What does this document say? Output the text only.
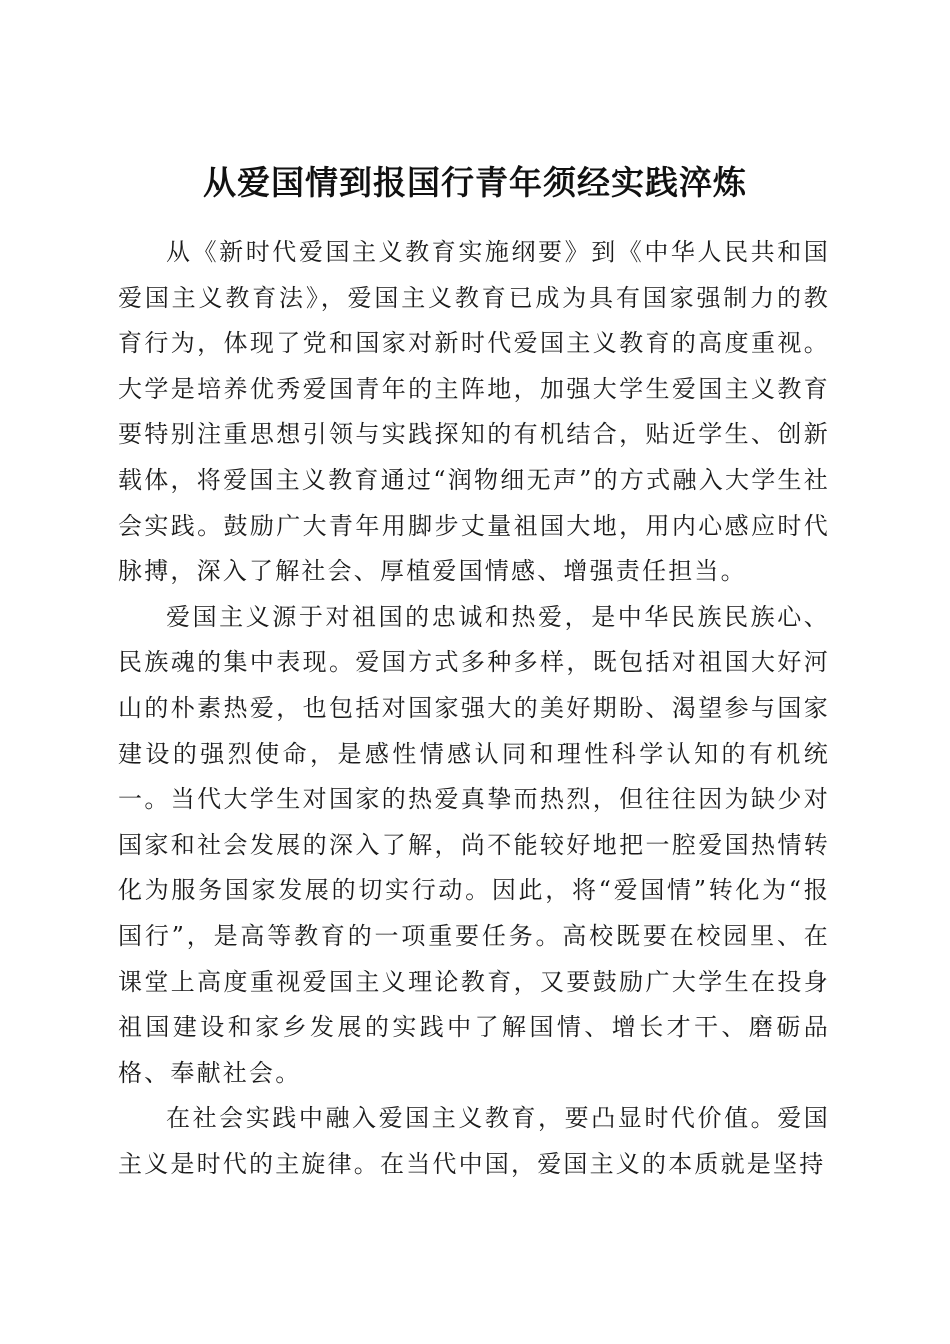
从爱国情到报国行青年须经实践淬炼

从《新时代爱国主义教育实施纲要》到《中华人民共和国爱国主义教育法》，爱国主义教育已成为具有国家强制力的教育行为，体现了党和国家对新时代爱国主义教育的高度重视。大学是培养优秀爱国青年的主阵地，加强大学生爱国主义教育要特别注重思想引领与实践探知的有机结合，贴近学生、创新载体，将爱国主义教育通过“润物细无声”的方式融入大学生社会实践。鼓励广大青年用脚步丈量祖国大地，用内心感应时代脉搏，深入了解社会、厚植爱国情感、增强责任担当。

爱国主义源于对祖国的忠诚和热爱，是中华民族民族心、民族魂的集中表现。爱国方式多种多样，既包括对祖国大好河山的朴素热爱，也包括对国家强大的美好期盼、渴望参与国家建设的强烈使命，是感性情感认同和理性科学认知的有机统一。当代大学生对国家的热爱真挚而热烈，但往往因为缺少对国家和社会发展的深入了解，尚不能较好地把一腔爱国热情转化为服务国家发展的切实行动。因此，将“爱国情”转化为“报国行”，是高等教育的一项重要任务。高校既要在校园里、在课堂上高度重视爱国主义理论教育，又要鼓励广大学生在投身祖国建设和家乡发展的实践中了解国情、增长才干、磨砺品格、奉献社会。

在社会实践中融入爱国主义教育，要凸显时代价值。爱国主义是时代的主旋律。在当代中国，爱国主义的本质就是坚持
